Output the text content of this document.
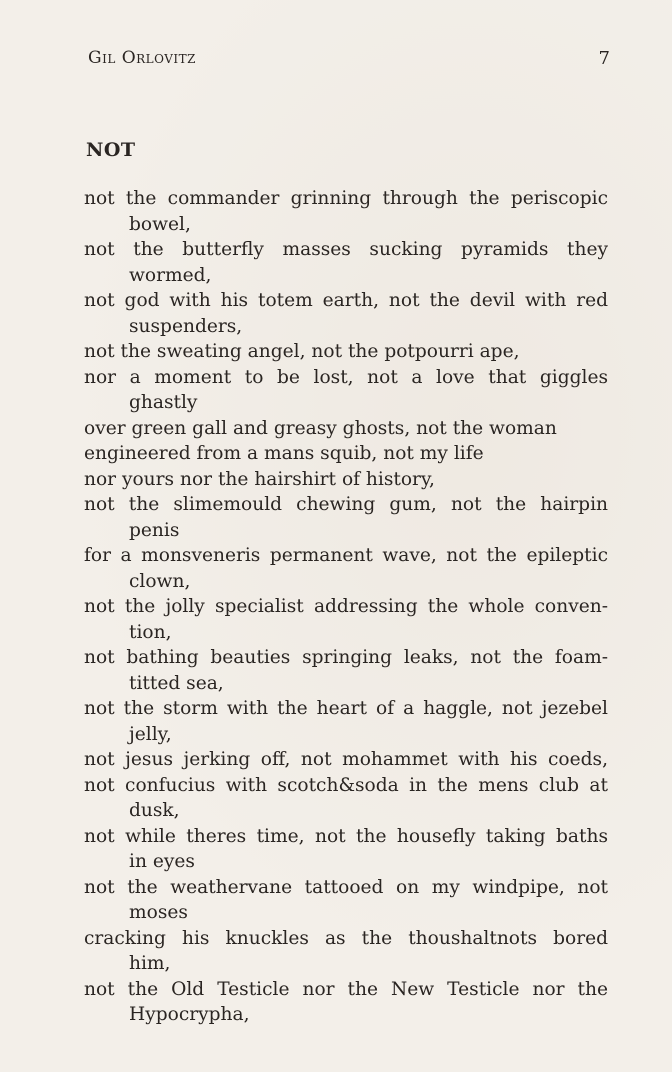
Gil Orlovitz	7
NOT
not the commander grinning through the periscopic
bowel,
not the butterfly masses sucking pyramids they
wormed,
not god with his totem earth, not the devil with red
suspenders,
not the sweating angel, not the potpourri ape,
nor a moment to be lost, not a love that giggles
ghastly
over green gall and greasy ghosts, not the woman
engineered from a mans squib, not my life
nor yours nor the hairshirt of history,
not the slimemould chewing gum, not the hairpin
penis
for a monsveneris permanent wave, not the epileptic
clown,
not the jolly specialist addressing the whole conven-
tion,
not bathing beauties springing leaks, not the foam-
titted sea,
not the storm with the heart of a haggle, not jezebel
jelly,
not jesus jerking off, not mohammet with his coeds,
not confucius with scotch&soda in the mens club at
dusk,
not while theres time, not the housefly taking baths
in eyes
not the weathervane tattooed on my windpipe, not
moses
cracking his knuckles as the thoushaltnots bored
him,
not the Old Testicle nor the New Testicle nor the
Hypocrypha,
